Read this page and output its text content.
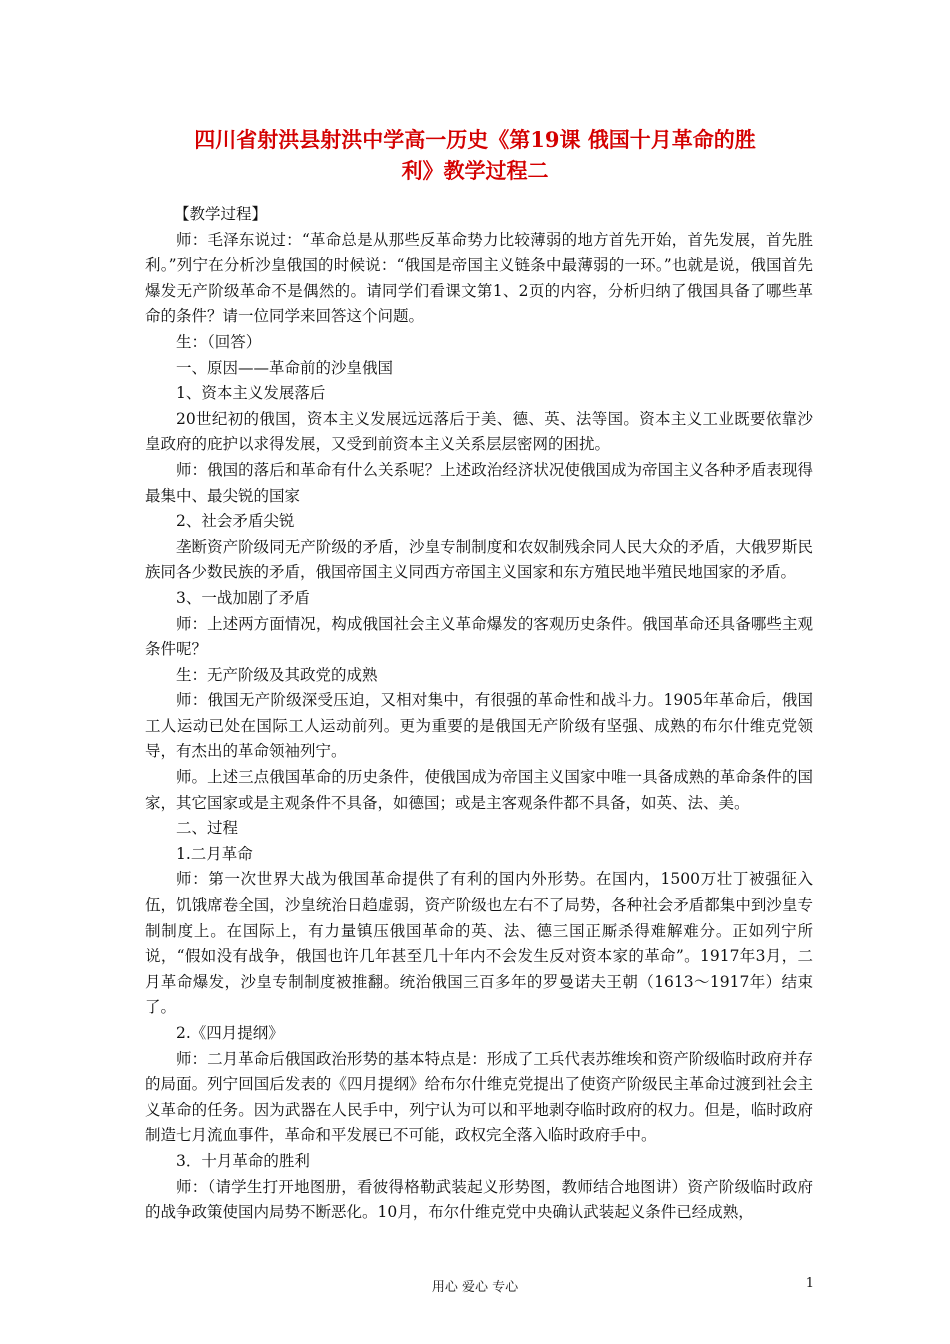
四川省射洪县射洪中学高一历史《第19课 俄国十月革命的胜
利》教学过程二

【教学过程】

师：毛泽东说过：“革命总是从那些反革命势力比较薄弱的地方首先开始，首先发展，首先胜利。”列宁在分析沙皇俄国的时候说：“俄国是帝国主义链条中最薄弱的一环。”也就是说，俄国首先爆发无产阶级革命不是偶然的。请同学们看课文第1、2页的内容，分析归纳了俄国具备了哪些革命的条件？请一位同学来回答这个问题。

生：（回答）

一、原因——革命前的沙皇俄国

1、资本主义发展落后

20世纪初的俄国，资本主义发展远远落后于美、德、英、法等国。资本主义工业既要依靠沙皇政府的庇护以求得发展，又受到前资本主义关系层层密网的困扰。

师：俄国的落后和革命有什么关系呢？上述政治经济状况使俄国成为帝国主义各种矛盾表现得最集中、最尖锐的国家

2、社会矛盾尖锐

垄断资产阶级同无产阶级的矛盾，沙皇专制制度和农奴制残余同人民大众的矛盾，大俄罗斯民族同各少数民族的矛盾，俄国帝国主义同西方帝国主义国家和东方殖民地半殖民地国家的矛盾。

3、一战加剧了矛盾

师：上述两方面情况，构成俄国社会主义革命爆发的客观历史条件。俄国革命还具备哪些主观条件呢？

生：无产阶级及其政党的成熟

师：俄国无产阶级深受压迫，又相对集中，有很强的革命性和战斗力。1905年革命后，俄国工人运动已处在国际工人运动前列。更为重要的是俄国无产阶级有坚强、成熟的布尔什维克党领导，有杰出的革命领袖列宁。

师。上述三点俄国革命的历史条件，使俄国成为帝国主义国家中唯一具备成熟的革命条件的国家，其它国家或是主观条件不具备，如德国；或是主客观条件都不具备，如英、法、美。

二、过程

1.二月革命

师：第一次世界大战为俄国革命提供了有利的国内外形势。在国内，1500万壮丁被强征入伍，饥饿席卷全国，沙皇统治日趋虚弱，资产阶级也左右不了局势，各种社会矛盾都集中到沙皇专制制度上。在国际上，有力量镇压俄国革命的英、法、德三国正厮杀得难解难分。正如列宁所说，“假如没有战争，俄国也许几年甚至几十年内不会发生反对资本家的革命”。1917年3月，二月革命爆发，沙皇专制制度被推翻。统治俄国三百多年的罗曼诺夫王朝（1613～1917年）结束了。

2.《四月提纲》

师：二月革命后俄国政治形势的基本特点是：形成了工兵代表苏维埃和资产阶级临时政府并存的局面。列宁回国后发表的《四月提纲》给布尔什维克党提出了使资产阶级民主革命过渡到社会主义革命的任务。因为武器在人民手中，列宁认为可以和平地剥夺临时政府的权力。但是，临时政府制造七月流血事件，革命和平发展已不可能，政权完全落入临时政府手中。

3．十月革命的胜利

师：（请学生打开地图册，看彼得格勒武装起义形势图，教师结合地图讲）资产阶级临时政府的战争政策使国内局势不断恶化。10月，布尔什维克党中央确认武装起义条件已经成熟，

用心 爱心 专心	1
